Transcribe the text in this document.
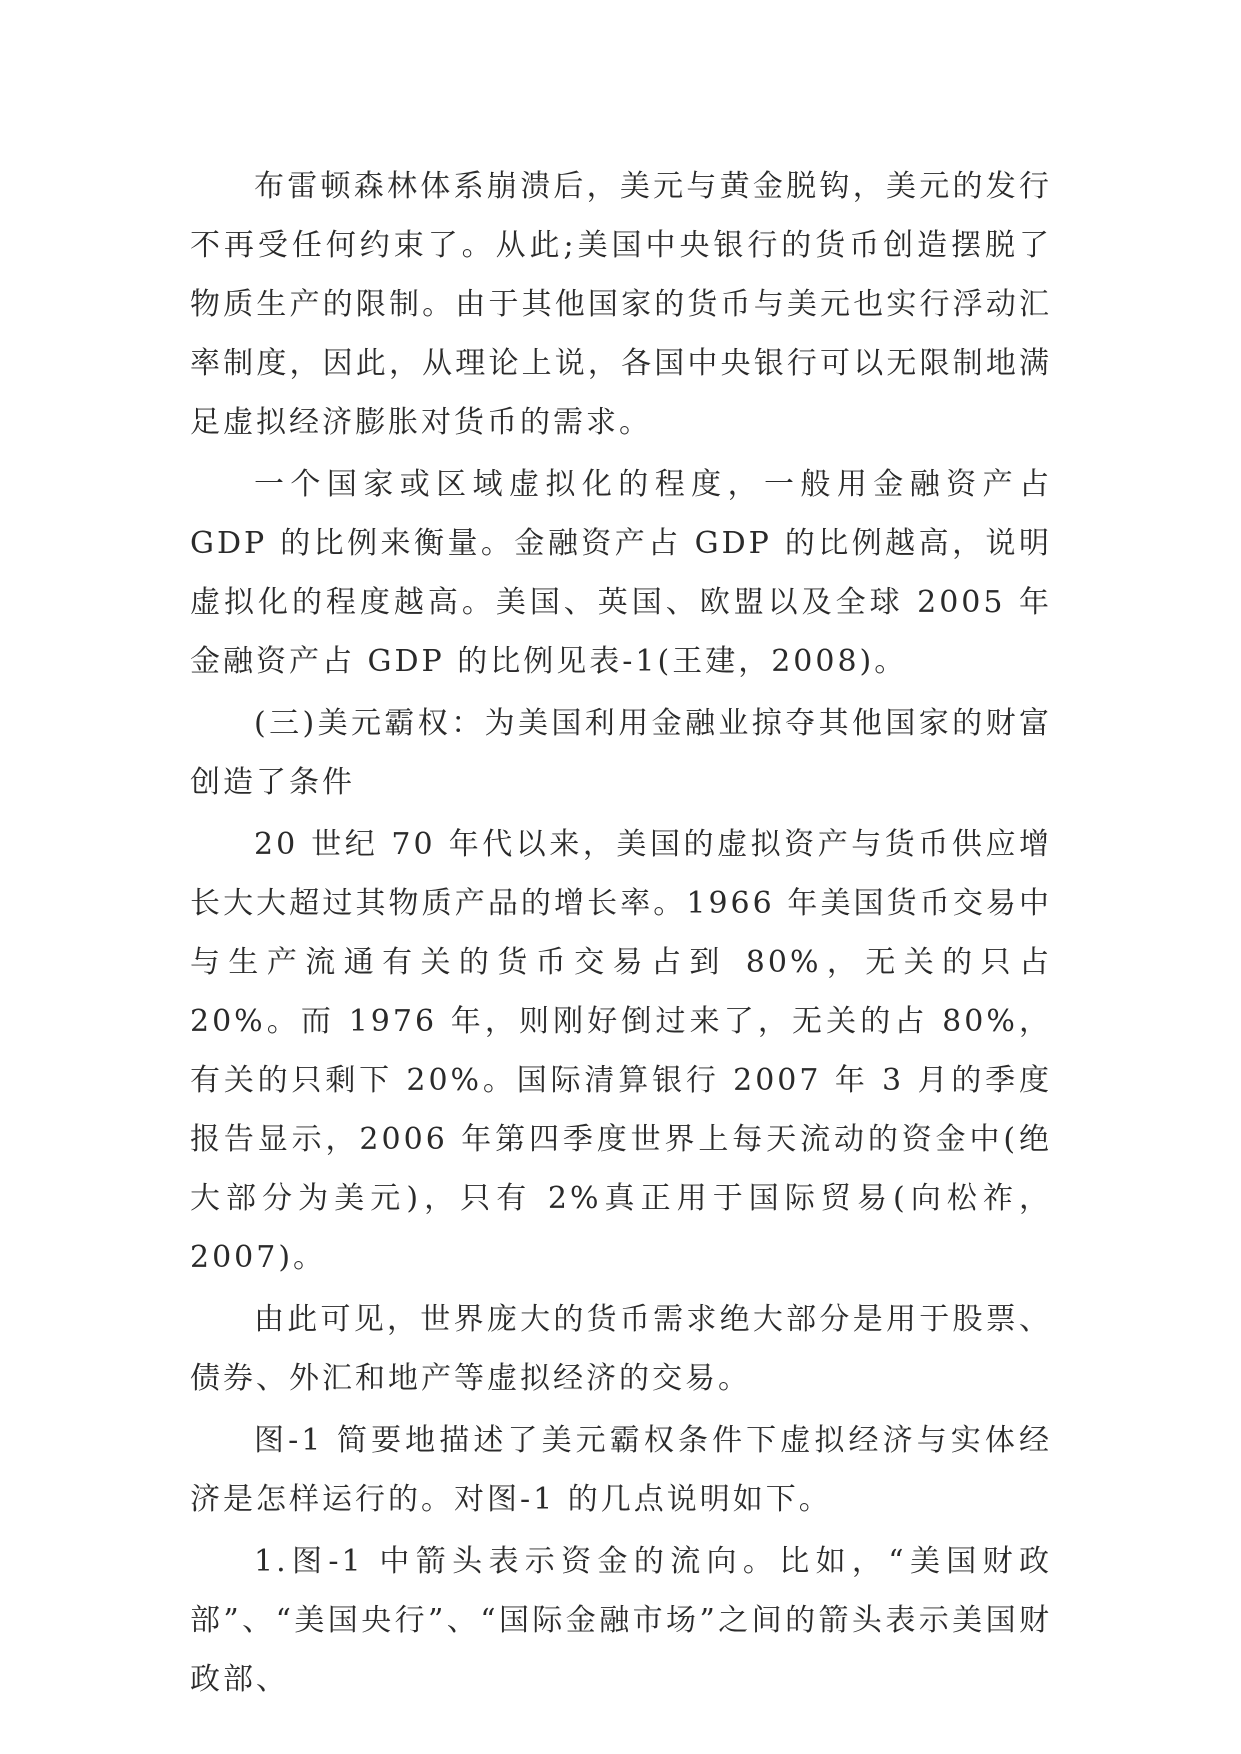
布雷顿森林体系崩溃后，美元与黄金脱钩，美元的发行不再受任何约束了。从此;美国中央银行的货币创造摆脱了物质生产的限制。由于其他国家的货币与美元也实行浮动汇率制度，因此，从理论上说，各国中央银行可以无限制地满足虚拟经济膨胀对货币的需求。

一个国家或区域虚拟化的程度，一般用金融资产占 GDP 的比例来衡量。金融资产占 GDP 的比例越高，说明虚拟化的程度越高。美国、英国、欧盟以及全球 2005 年金融资产占 GDP 的比例见表-1(王建，2008)。

(三)美元霸权：为美国利用金融业掠夺其他国家的财富创造了条件

20 世纪 70 年代以来，美国的虚拟资产与货币供应增长大大超过其物质产品的增长率。1966 年美国货币交易中与生产流通有关的货币交易占到 80%，无关的只占 20%。而 1976 年，则刚好倒过来了，无关的占 80%，有关的只剩下 20%。国际清算银行 2007 年 3 月的季度报告显示，2006 年第四季度世界上每天流动的资金中(绝大部分为美元)，只有 2%真正用于国际贸易(向松祚，2007)。

由此可见，世界庞大的货币需求绝大部分是用于股票、债券、外汇和地产等虚拟经济的交易。

图-1 简要地描述了美元霸权条件下虚拟经济与实体经济是怎样运行的。对图-1 的几点说明如下。

1.图-1 中箭头表示资金的流向。比如，“美国财政部”、“美国央行”、“国际金融市场”之间的箭头表示美国财政部、
